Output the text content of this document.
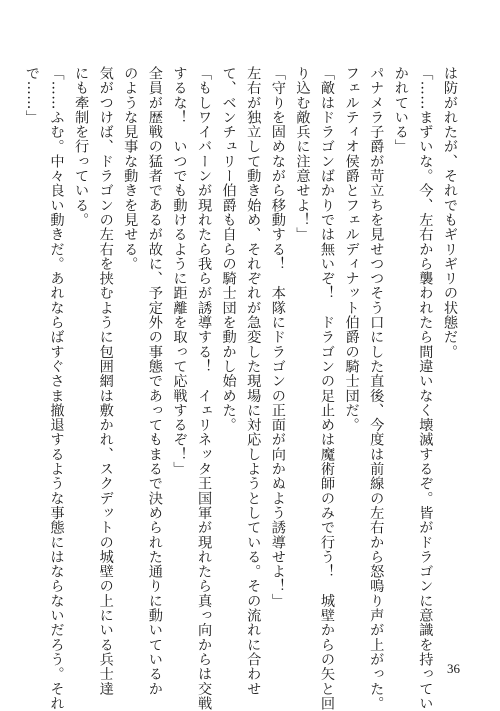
は防がれたが、それでもギリギリの状態だ。

「……まずいな。今、左右から襲われたら間違いなく壊滅するぞ。皆がドラゴンに意識を持ってい

かれている」

パナメラ子爵が苛立ちを見せつつそう口にした直後、今度は前線の左右から怒鳴り声が上がった。

フェルティオ侯爵とフェルディナット伯爵の騎士団だ。

「敵はドラゴンばかりでは無いぞ！　ドラゴンの足止めは魔術師のみで行う！　城壁からの矢と回

り込む敵兵に注意せよ！」

「守りを固めながら移動する！　本隊にドラゴンの正面が向かぬよう誘導せよ！」

左右が独立して動き始め、それぞれが急変した現場に対応しようとしている。その流れに合わせ

て、ベンチュリー伯爵も自らの騎士団を動かし始めた。

「もしワイバーンが現れたら我らが誘導する！　イェリネッタ王国軍が現れたら真っ向からは交戦

するな！　いつでも動けるように距離を取って応戦するぞ！」

全員が歴戦の猛者であるが故に、予定外の事態であってもまるで決められた通りに動いているか

のような見事な動きを見せる。

気がつけば、ドラゴンの左右を挟むように包囲網は敷かれ、スクデットの城壁の上にいる兵士達

にも牽制を行っている。

「……ふむ。中々良い動きだ。あれならばすぐさま撤退するような事態にはならないだろう。それ

で……」

36
